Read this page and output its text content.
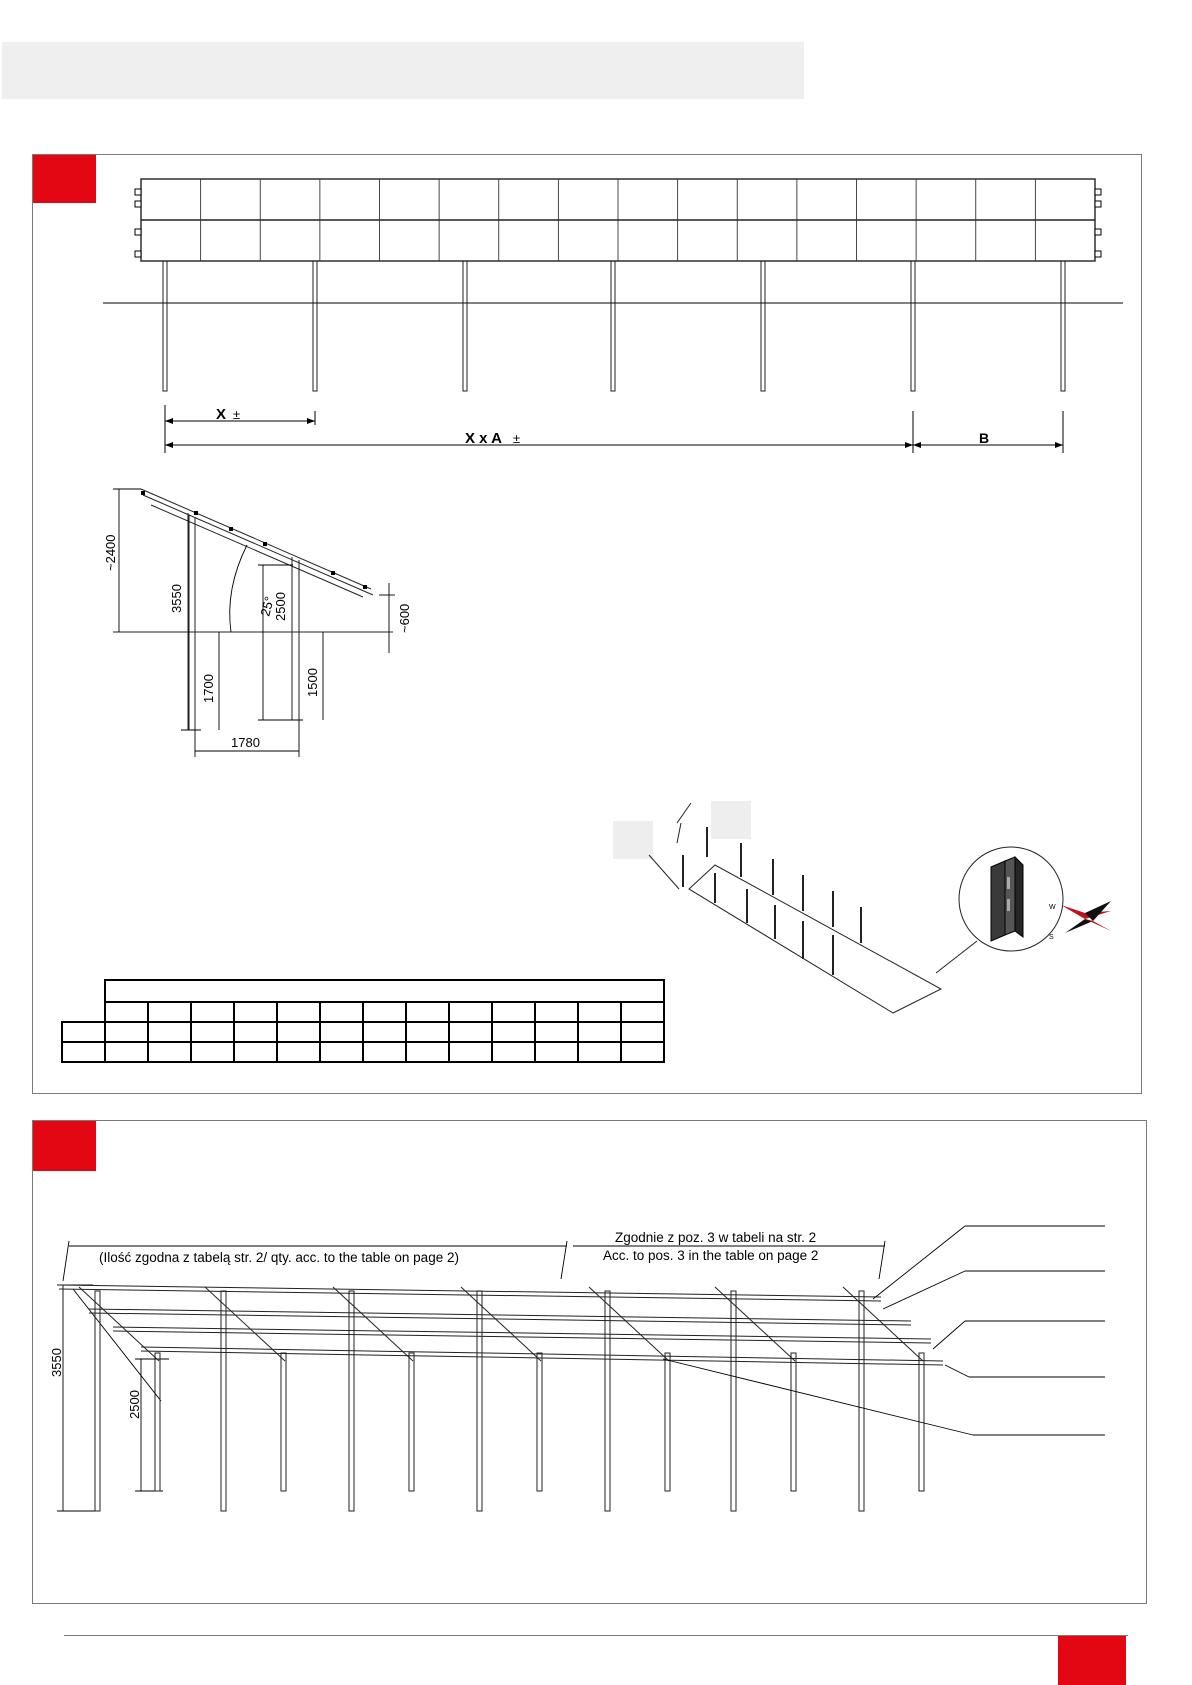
X ±
X x A ±	B
~2400
3550	2500	~600
1700	1500
1780
25°
W
S

3550
2500
(Ilość zgodna z tabelą str. 2/ qty. acc. to the table on page 2)
Zgodnie z poz. 3 w tabeli na str. 2
Acc. to pos. 3 in the table on page 2
